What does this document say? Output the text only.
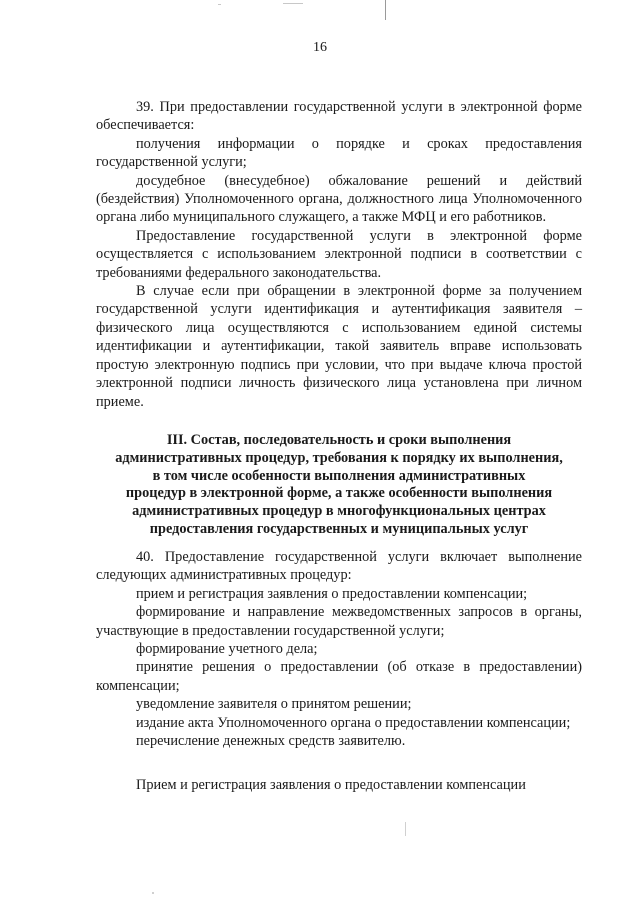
16

39. При предоставлении государственной услуги в электронной форме обеспечивается:

получения информации о порядке и сроках предоставления государственной услуги;

досудебное (внесудебное) обжалование решений и действий (бездействия) Уполномоченного органа, должностного лица Уполномоченного органа либо муниципального служащего, а также МФЦ и его работников.

Предоставление государственной услуги в электронной форме осуществляется с использованием электронной подписи в соответствии с требованиями федерального законодательства.

В случае если при обращении в электронной форме за получением государственной услуги идентификация и аутентификация заявителя – физического лица осуществляются с использованием единой системы идентификации и аутентификации, такой заявитель вправе использовать простую электронную подпись при условии, что при выдаче ключа простой электронной подписи личность физического лица установлена при личном приеме.

III. Состав, последовательность и сроки выполнения
административных процедур, требования к порядку их выполнения,
в том числе особенности выполнения административных
процедур в электронной форме, а также особенности выполнения
административных процедур в многофункциональных центрах
предоставления государственных и муниципальных услуг

40. Предоставление государственной услуги включает выполнение следующих административных процедур:

прием и регистрация заявления о предоставлении компенсации;

формирование и направление межведомственных запросов в органы, участвующие в предоставлении государственной услуги;

формирование учетного дела;

принятие решения о предоставлении (об отказе в предоставлении) компенсации;

уведомление заявителя о принятом решении;

издание акта Уполномоченного органа о предоставлении компенсации;

перечисление денежных средств заявителю.

Прием и регистрация заявления о предоставлении компенсации
